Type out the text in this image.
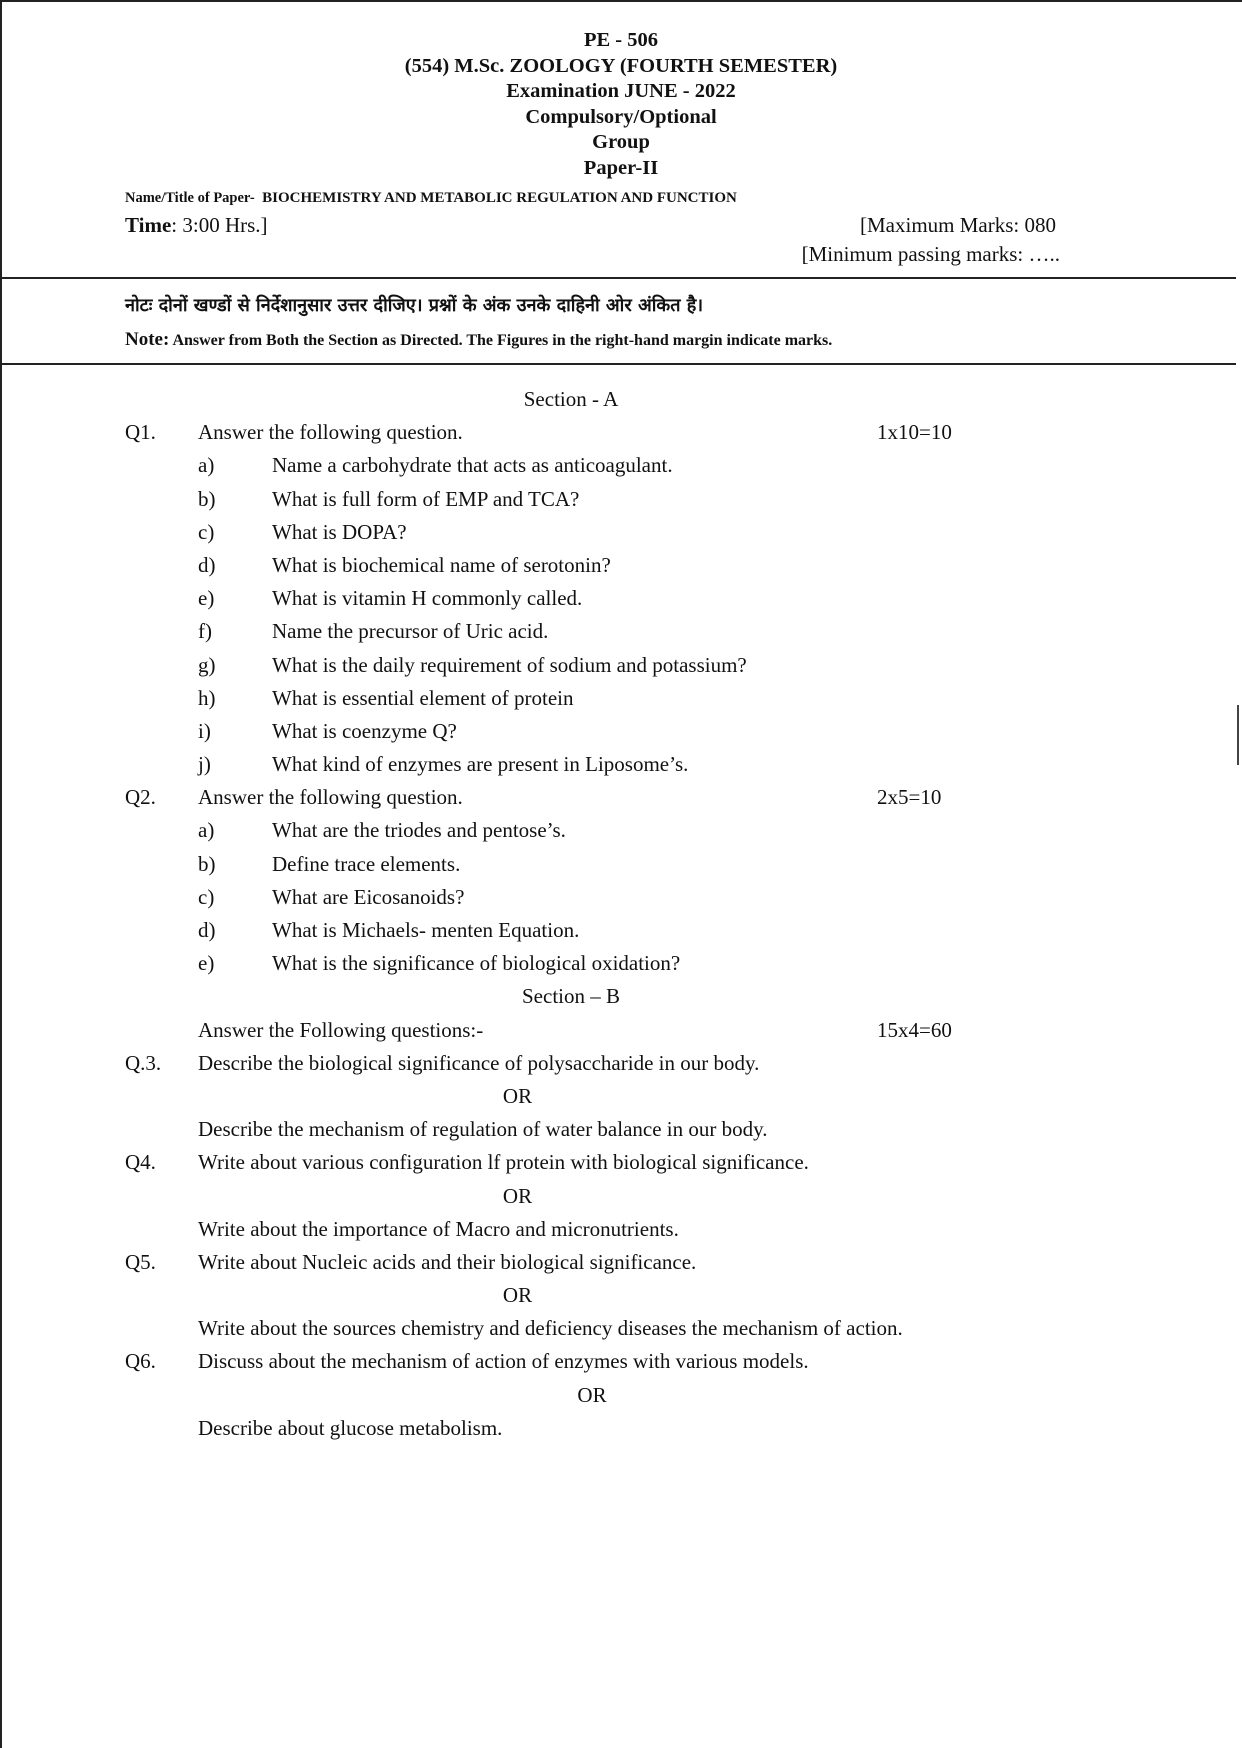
PE - 506
(554) M.Sc. ZOOLOGY (FOURTH SEMESTER)
Examination JUNE - 2022
Compulsory/Optional
Group
Paper-II
Name/Title of Paper- BIOCHEMISTRY AND METABOLIC REGULATION AND FUNCTION
Time: 3:00 Hrs.]	[Maximum Marks: 080
[Minimum passing marks: …..
नोटः दोनों खण्डों से निर्देशानुसार उत्तर दीजिए। प्रश्नों के अंक उनके दाहिनी ओर अंकित है।
Note: Answer from Both the Section as Directed. The Figures in the right-hand margin indicate marks.
Section - A
Q1. Answer the following question.	1x10=10
a)	Name a carbohydrate that acts as anticoagulant.
b)	What is full form of EMP and TCA?
c)	What is DOPA?
d)	What is biochemical name of serotonin?
e)	What is vitamin H commonly called.
f)	Name the precursor of Uric acid.
g)	What is the daily requirement of sodium and potassium?
h)	What is essential element of protein
i)	What is coenzyme Q?
j)	What kind of enzymes are present in Liposome’s.
Q2. Answer the following question.	2x5=10
a)	What are the triodes and pentose’s.
b)	Define trace elements.
c)	What are Eicosanoids?
d)	What is Michaels- menten Equation.
e)	What is the significance of biological oxidation?
Section – B
Answer the Following questions:-	15x4=60
Q.3. Describe the biological significance of polysaccharide in our body.
OR
Describe the mechanism of regulation of water balance in our body.
Q4. Write about various configuration lf protein with biological significance.
OR
Write about the importance of Macro and micronutrients.
Q5. Write about Nucleic acids and their biological significance.
OR
Write about the sources chemistry and deficiency diseases the mechanism of action.
Q6. Discuss about the mechanism of action of enzymes with various models.
OR
Describe about glucose metabolism.
